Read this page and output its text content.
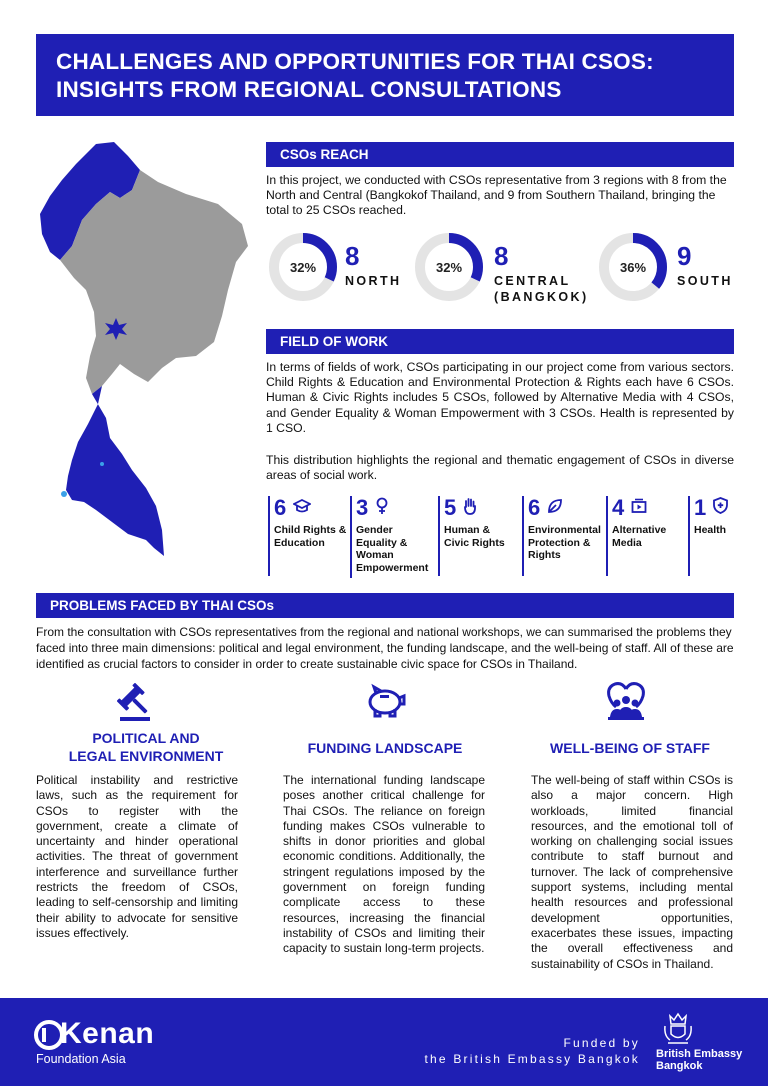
CHALLENGES AND OPPORTUNITIES FOR THAI CSOS:
INSIGHTS FROM REGIONAL CONSULTATIONS
CSOs REACH
In this project, we conducted with CSOs representative from 3 regions with 8 from the North and Central (Bangkokof Thailand, and 9 from Southern Thailand, bringing the total to 25 CSOs reached.
32%	8
NORTH
32%	8
CENTRAL
(BANGKOK)
36%	9
SOUTH
FIELD OF WORK
In terms of fields of work, CSOs participating in our project come from various sectors. Child Rights & Education and Environmental Protection & Rights each have 6 CSOs. Human & Civic Rights includes 5 CSOs, followed by Alternative Media with 4 CSOs, and Gender Equality & Woman Empowerment with 3 CSOs. Health is represented by 1 CSO.
This distribution highlights the regional and thematic engagement of CSOs in diverse areas of social work.
6
Child Rights &
Education
3
Gender
Equality &
Woman
Empowerment
5
Human &
Civic Rights
6
Environmental
Protection &
Rights
4
Alternative
Media
1
Health
PROBLEMS FACED BY THAI CSOs
From the consultation with CSOs representatives from the regional and national workshops, we can summarised the problems they faced into three main dimensions: political and legal environment, the funding landscape, and the well-being of staff. All of these are identified as crucial factors to consider in order to create sustainable civic space for CSOs in Thailand.
POLITICAL AND
LEGAL ENVIRONMENT
Political instability and restrictive laws, such as the requirement for CSOs to register with the government, create a climate of uncertainty and hinder operational activities. The threat of government interference and surveillance further restricts the freedom of CSOs, leading to self-censorship and limiting their ability to advocate for sensitive issues effectively.
FUNDING LANDSCAPE
The international funding landscape poses another critical challenge for Thai CSOs. The reliance on foreign funding makes CSOs vulnerable to shifts in donor priorities and global economic conditions. Additionally, the stringent regulations imposed by the government on foreign funding complicate access to these resources, increasing the financial instability of CSOs and limiting their capacity to sustain long-term projects.
WELL-BEING OF STAFF
The well-being of staff within CSOs is also a major concern. High workloads, limited financial resources, and the emotional toll of working on challenging social issues contribute to staff burnout and turnover. The lack of comprehensive support systems, including mental health resources and professional development opportunities, exacerbates these issues, impacting the overall effectiveness and sustainability of CSOs in Thailand.
Kenan
Foundation Asia
Funded by
the British Embassy Bangkok British Embassy
Bangkok
